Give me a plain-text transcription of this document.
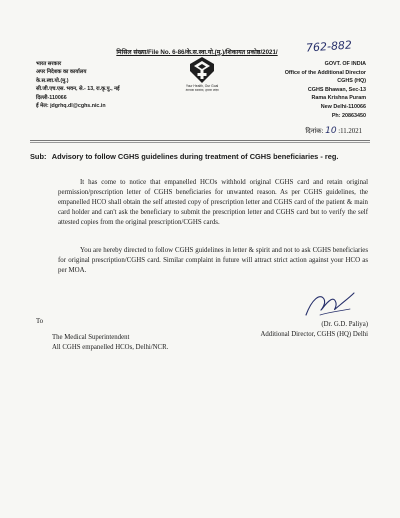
मिसिल संख्या/File No. 6-86/के.स.स्वा.यो.(मु.)/शिकायत प्रकोष्ठ/2021/	762-882
भारत सरकार
अपर निदेशक का कार्यालय
के.स.स्वा.यो.(मु.)
सी.जी.एच.एस. भवन, से.- 13, रा.कृ.पु., नई
दिल्ली-110066
ई मेल: jdgrhq.dl@cghs.nic.in
Your Health, Our Goal
आपका स्वास्थ्य, हमारा लक्ष्य
GOVT. OF INDIA
Office of the Additional Director
CGHS (HQ)
CGHS Bhawan, Sec-13
Rama Krishna Puram
New Delhi-110066
Ph: 20863450
दिनांक: 10 :11.2021
Sub: Advisory to follow CGHS guidelines during treatment of CGHS beneficiaries - reg.
It has come to notice that empanelled HCOs withhold original CGHS card and retain original permission/prescription letter of CGHS beneficiaries for unwanted reason. As per CGHS guidelines, the empanelled HCO shall obtain the self attested copy of prescription letter and CGHS card of the patient & main card holder and can't ask the beneficiary to submit the prescription letter and CGHS card but to verify the self attested copies from the original prescription/CGHS cards.
You are hereby directed to follow CGHS guidelines in letter & spirit and not to ask CGHS beneficiaries for original prescription/CGHS card. Similar complaint in future will attract strict action against your HCO as per MOA.
(Dr. G.D. Paliya)
Additional Director, CGHS (HQ) Delhi
To
The Medical Superintendent
All CGHS empanelled HCOs, Delhi/NCR.
